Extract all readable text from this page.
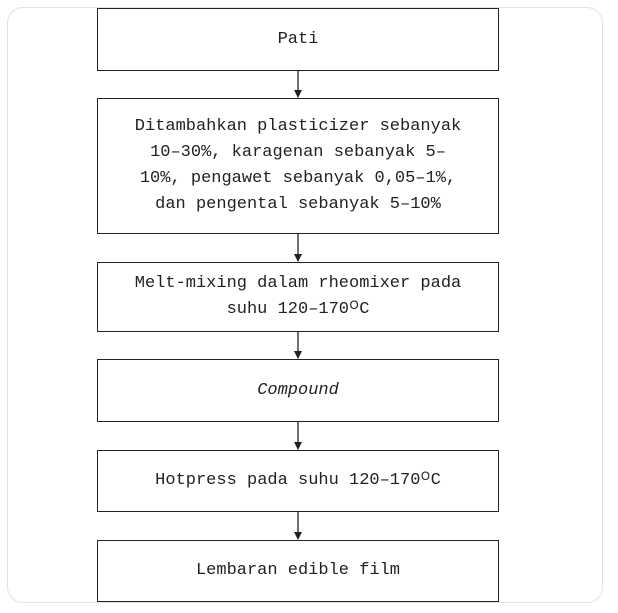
Pati
Ditambahkan plasticizer sebanyak
10–30%, karagenan sebanyak 5–
10%, pengawet sebanyak 0,05–1%,
dan pengental sebanyak 5–10%
Melt-mixing dalam rheomixer pada
suhu 120–170ᴼC
Compound
Hotpress pada suhu 120–170ᴼC
Lembaran edible film
